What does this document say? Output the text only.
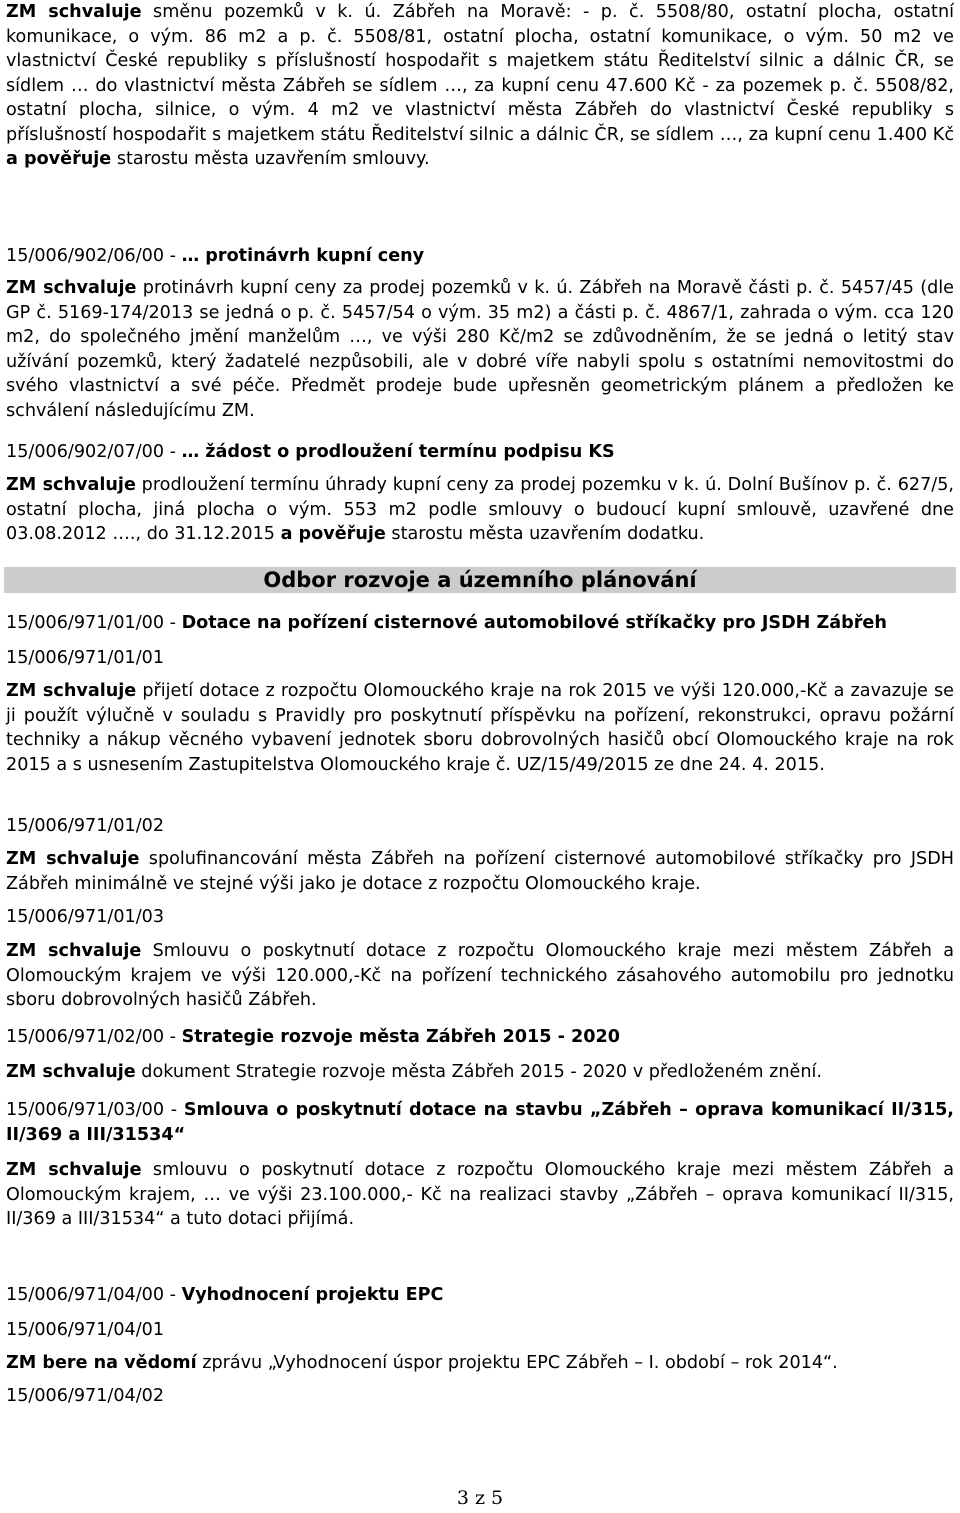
ZM schvaluje směnu pozemků v k. ú. Zábřeh na Moravě: - p. č. 5508/80, ostatní plocha, ostatní komunikace, o vým. 86 m2 a p. č. 5508/81, ostatní plocha, ostatní komunikace, o vým. 50 m2 ve vlastnictví České republiky s příslušností hospodařit s majetkem státu Ředitelství silnic a dálnic ČR, se sídlem … do vlastnictví města Zábřeh se sídlem …, za kupní cenu 47.600 Kč - za pozemek p. č. 5508/82, ostatní plocha, silnice, o vým. 4 m2 ve vlastnictví města Zábřeh do vlastnictví České republiky s příslušností hospodařit s majetkem státu Ředitelství silnic a dálnic ČR, se sídlem …, za kupní cenu 1.400 Kč a pověřuje starostu města uzavřením smlouvy.

15/006/902/06/00 - … protinávrh kupní ceny

ZM schvaluje protinávrh kupní ceny za prodej pozemků v k. ú. Zábřeh na Moravě části p. č. 5457/45 (dle GP č. 5169-174/2013 se jedná o p. č. 5457/54 o vým. 35 m2) a části p. č. 4867/1, zahrada o vým. cca 120 m2, do společného jmění manželům …, ve výši 280 Kč/m2 se zdůvodněním, že se jedná o letitý stav užívání pozemků, který žadatelé nezpůsobili, ale v dobré víře nabyli spolu s ostatními nemovitostmi do svého vlastnictví a své péče. Předmět prodeje bude upřesněn geometrickým plánem a předložen ke schválení následujícímu ZM.

15/006/902/07/00 - … žádost o prodloužení termínu podpisu KS

ZM schvaluje prodloužení termínu úhrady kupní ceny za prodej pozemku v k. ú. Dolní Bušínov p. č. 627/5, ostatní plocha, jiná plocha o vým. 553 m2 podle smlouvy o budoucí kupní smlouvě, uzavřené dne 03.08.2012 …., do 31.12.2015 a pověřuje starostu města uzavřením dodatku.

Odbor rozvoje a územního plánování
15/006/971/01/00 - Dotace na pořízení cisternové automobilové stříkačky pro JSDH Zábřeh
15/006/971/01/01

ZM schvaluje přijetí dotace z rozpočtu Olomouckého kraje na rok 2015 ve výši 120.000,-Kč a zavazuje se ji použít výlučně v souladu s Pravidly pro poskytnutí příspěvku na pořízení, rekonstrukci, opravu požární techniky a nákup věcného vybavení jednotek sboru dobrovolných hasičů obcí Olomouckého kraje na rok 2015 a s usnesením Zastupitelstva Olomouckého kraje č. UZ/15/49/2015 ze dne 24. 4. 2015.

15/006/971/01/02

ZM schvaluje spolufinancování města Zábřeh na pořízení cisternové automobilové stříkačky pro JSDH Zábřeh minimálně ve stejné výši jako je dotace z rozpočtu Olomouckého kraje.

15/006/971/01/03

ZM schvaluje Smlouvu o poskytnutí dotace z rozpočtu Olomouckého kraje mezi městem Zábřeh a Olomouckým krajem ve výši 120.000,-Kč na pořízení technického zásahového automobilu pro jednotku sboru dobrovolných hasičů Zábřeh.

15/006/971/02/00 - Strategie rozvoje města Zábřeh 2015 - 2020

ZM schvaluje dokument Strategie rozvoje města Zábřeh 2015 - 2020 v předloženém znění.

15/006/971/03/00 - Smlouva o poskytnutí dotace na stavbu „Zábřeh – oprava komunikací II/315, II/369 a III/31534“

ZM schvaluje smlouvu o poskytnutí dotace z rozpočtu Olomouckého kraje mezi městem Zábřeh a Olomouckým krajem, … ve výši 23.100.000,- Kč na realizaci stavby „Zábřeh – oprava komunikací II/315, II/369 a III/31534“ a tuto dotaci přijímá.

15/006/971/04/00 - Vyhodnocení projektu EPC
15/006/971/04/01

ZM bere na vědomí zprávu „Vyhodnocení úspor projektu EPC Zábřeh – I. období – rok 2014“.

15/006/971/04/02
3 z 5
